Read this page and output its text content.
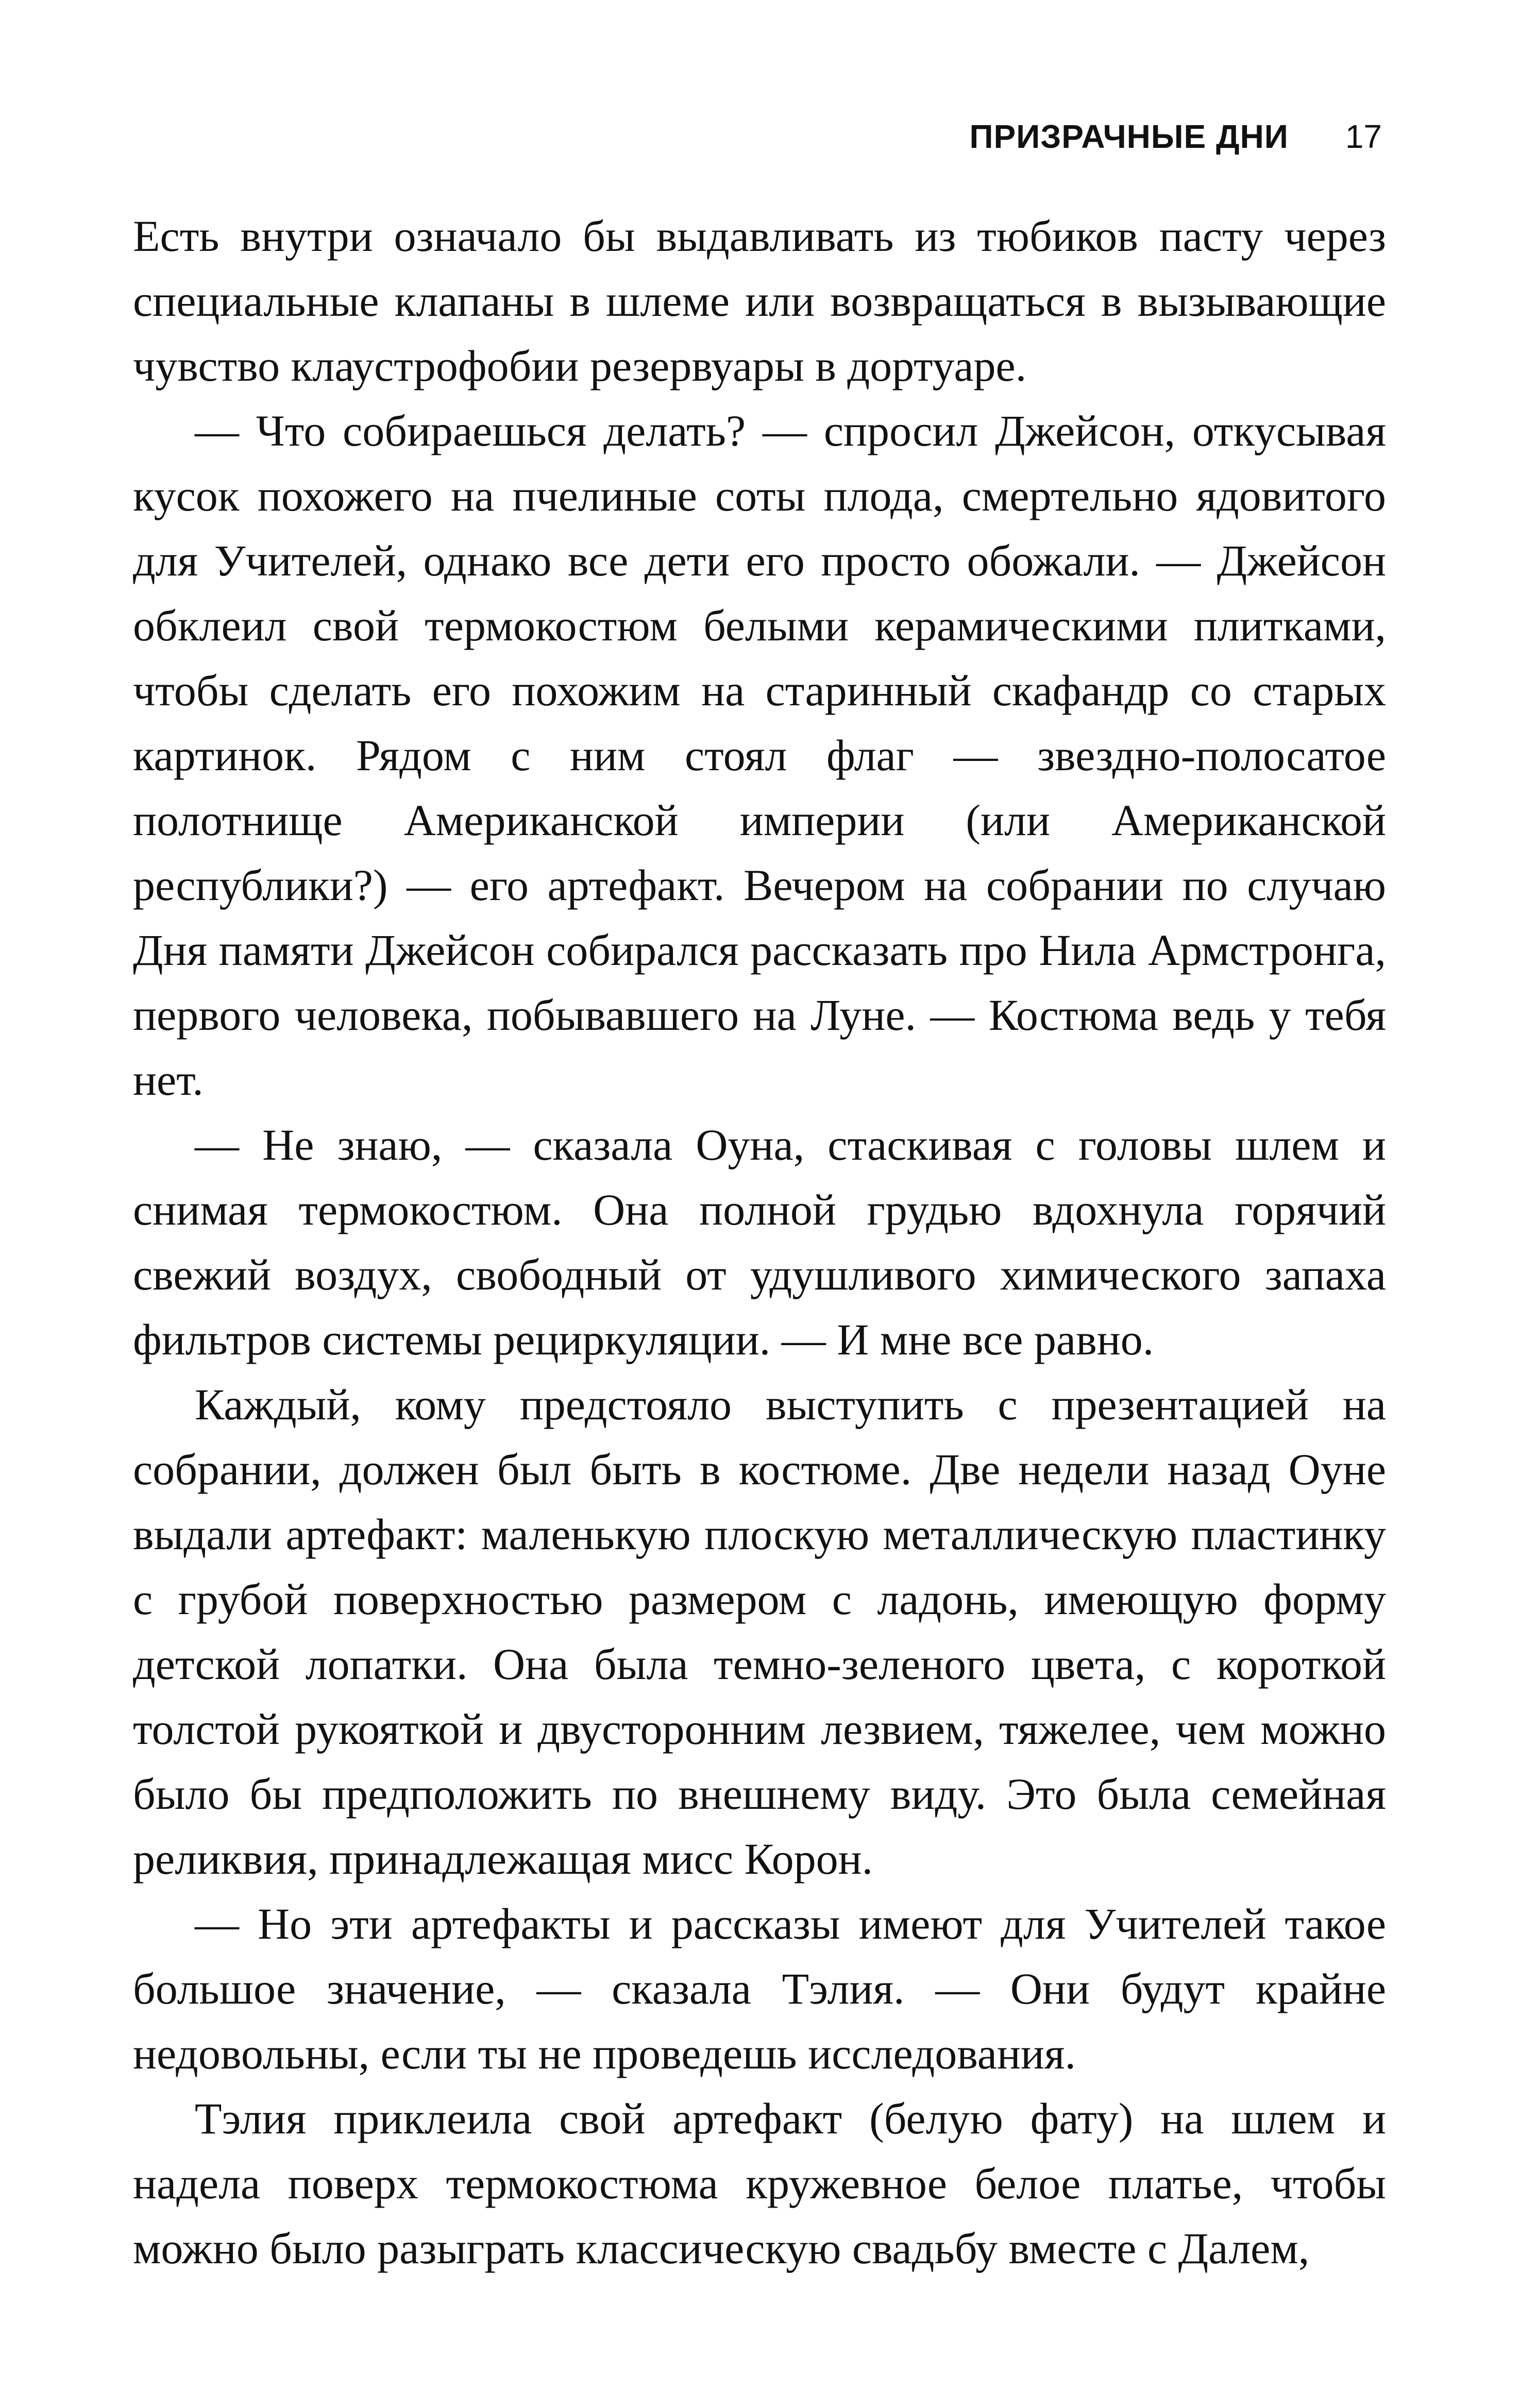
ПРИЗРАЧНЫЕ ДНИ 17

Есть внутри означало бы выдавливать из тюбиков пасту через специальные клапаны в шлеме или возвращаться в вызывающие чувство клаустрофобии резервуары в дортуаре.

— Что собираешься делать? — спросил Джейсон, откусывая кусок похожего на пчелиные соты плода, смертельно ядовитого для Учителей, однако все дети его просто обожали. — Джейсон обклеил свой термокостюм белыми керамическими плитками, чтобы сделать его похожим на старинный скафандр со старых картинок. Рядом с ним стоял флаг — звездно-полосатое полотнище Американской империи (или Американской республики?) — его артефакт. Вечером на собрании по случаю Дня памяти Джейсон собирался рассказать про Нила Армстронга, первого человека, побывавшего на Луне. — Костюма ведь у тебя нет.

— Не знаю, — сказала Оуна, стаскивая с головы шлем и снимая термокостюм. Она полной грудью вдохнула горячий свежий воздух, свободный от удушливого химического запаха фильтров системы рециркуляции. — И мне все равно.

Каждый, кому предстояло выступить с презентацией на собрании, должен был быть в костюме. Две недели назад Оуне выдали артефакт: маленькую плоскую металлическую пластинку с грубой поверхностью размером с ладонь, имеющую форму детской лопатки. Она была темно-зеленого цвета, с короткой толстой рукояткой и двусторонним лезвием, тяжелее, чем можно было бы предположить по внешнему виду. Это была семейная реликвия, принадлежащая мисс Корон.

— Но эти артефакты и рассказы имеют для Учителей такое большое значение, — сказала Тэлия. — Они будут крайне недовольны, если ты не проведешь исследования.

Тэлия приклеила свой артефакт (белую фату) на шлем и надела поверх термокостюма кружевное белое платье, чтобы можно было разыграть классическую свадьбу вместе с Далем,
